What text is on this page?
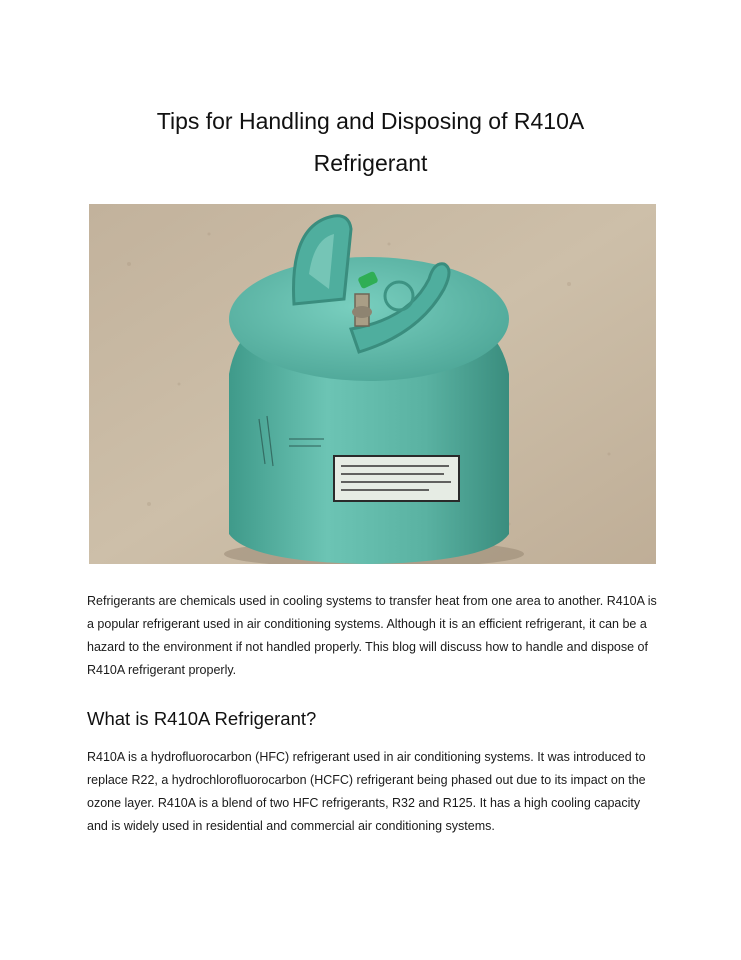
Tips for Handling and Disposing of R410A
Refrigerant

Refrigerants are chemicals used in cooling systems to transfer heat from one area to another. R410A is a popular refrigerant used in air conditioning systems. Although it is an efficient refrigerant, it can be a hazard to the environment if not handled properly. This blog will discuss how to handle and dispose of R410A refrigerant properly.

What is R410A Refrigerant?

R410A is a hydrofluorocarbon (HFC) refrigerant used in air conditioning systems. It was introduced to replace R22, a hydrochlorofluorocarbon (HCFC) refrigerant being phased out due to its impact on the ozone layer. R410A is a blend of two HFC refrigerants, R32 and R125. It has a high cooling capacity and is widely used in residential and commercial air conditioning systems.
